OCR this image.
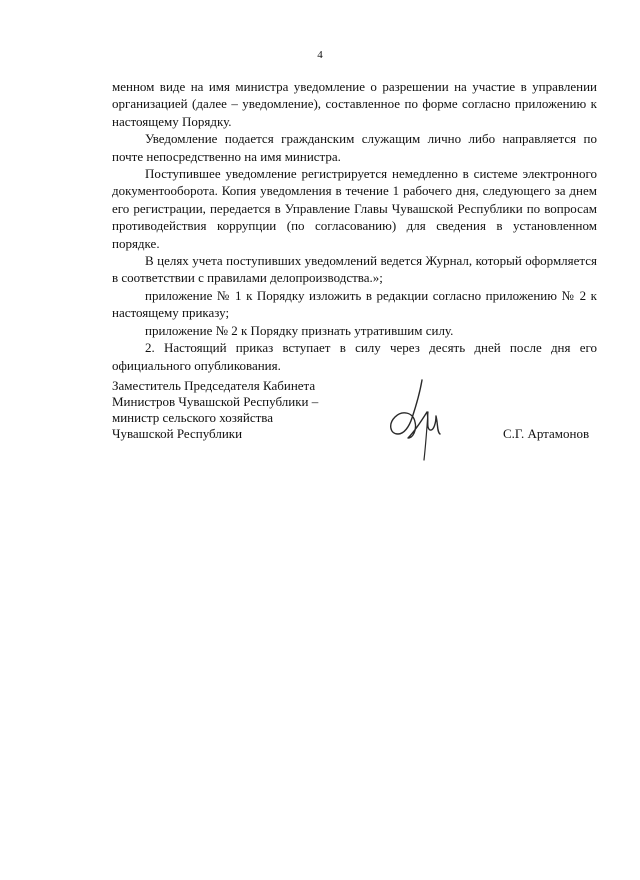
4

менном виде на имя министра уведомление о разрешении на участие в управлении организацией (далее – уведомление), составленное по форме согласно приложению к настоящему Порядку.

Уведомление подается гражданским служащим лично либо направляется по почте непосредственно на имя министра.

Поступившее уведомление регистрируется немедленно в системе электронного документооборота. Копия уведомления в течение 1 рабочего дня, следующего за днем его регистрации, передается в Управление Главы Чувашской Республики по вопросам противодействия коррупции (по согласованию) для сведения в установленном порядке.

В целях учета поступивших уведомлений ведется Журнал, который оформляется в соответствии с правилами делопроизводства.»;

приложение № 1 к Порядку изложить в редакции согласно приложению № 2 к настоящему приказу;

приложение № 2 к Порядку признать утратившим силу.

2. Настоящий приказ вступает в силу через десять дней после дня его официального опубликования.

Заместитель Председателя Кабинета
Министров Чувашской Республики –
министр сельского хозяйства
Чувашской Республики	С.Г. Артамонов
